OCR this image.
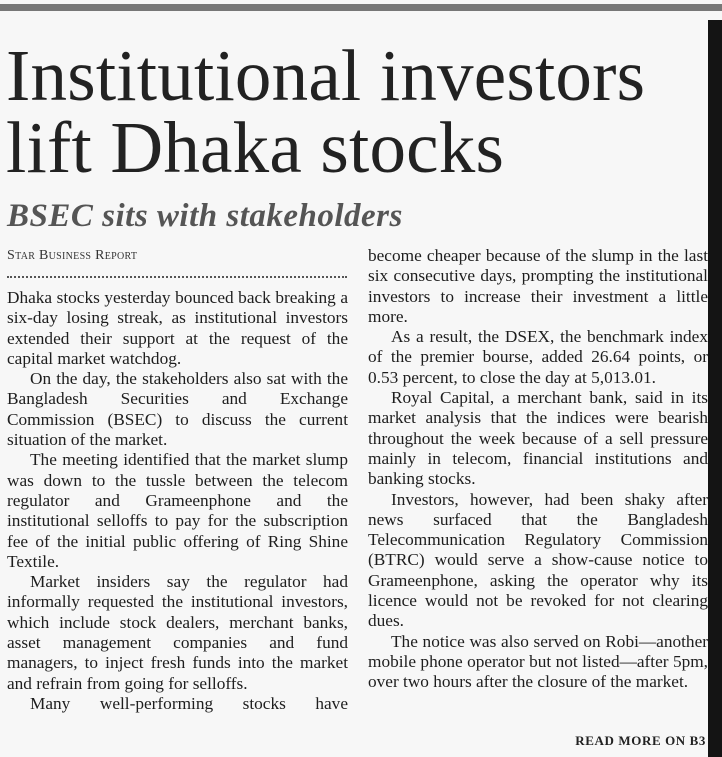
Institutional investors
lift Dhaka stocks
BSEC sits with stakeholders
Star Business Report

Dhaka stocks yesterday bounced back breaking a six-day losing streak, as institutional investors extended their support at the request of the capital market watchdog.

On the day, the stakeholders also sat with the Bangladesh Securities and Exchange Commission (BSEC) to discuss the current situation of the market.

The meeting identified that the market slump was down to the tussle between the telecom regulator and Grameenphone and the institutional selloffs to pay for the subscription fee of the initial public offering of Ring Shine Textile.

Market insiders say the regulator had informally requested the institutional investors, which include stock dealers, merchant banks, asset management companies and fund managers, to inject fresh funds into the market and refrain from going for selloffs.

Many well-performing stocks have

become cheaper because of the slump in the last six consecutive days, prompting the institutional investors to increase their investment a little more.

As a result, the DSEX, the benchmark index of the premier bourse, added 26.64 points, or 0.53 percent, to close the day at 5,013.01.

Royal Capital, a merchant bank, said in its market analysis that the indices were bearish throughout the week because of a sell pressure mainly in telecom, financial institutions and banking stocks.

Investors, however, had been shaky after news surfaced that the Bangladesh Telecommunication Regulatory Commission (BTRC) would serve a show-cause notice to Grameenphone, asking the operator why its licence would not be revoked for not clearing dues.

The notice was also served on Robi—another mobile phone operator but not listed—after 5pm, over two hours after the closure of the market.

READ MORE ON B3
